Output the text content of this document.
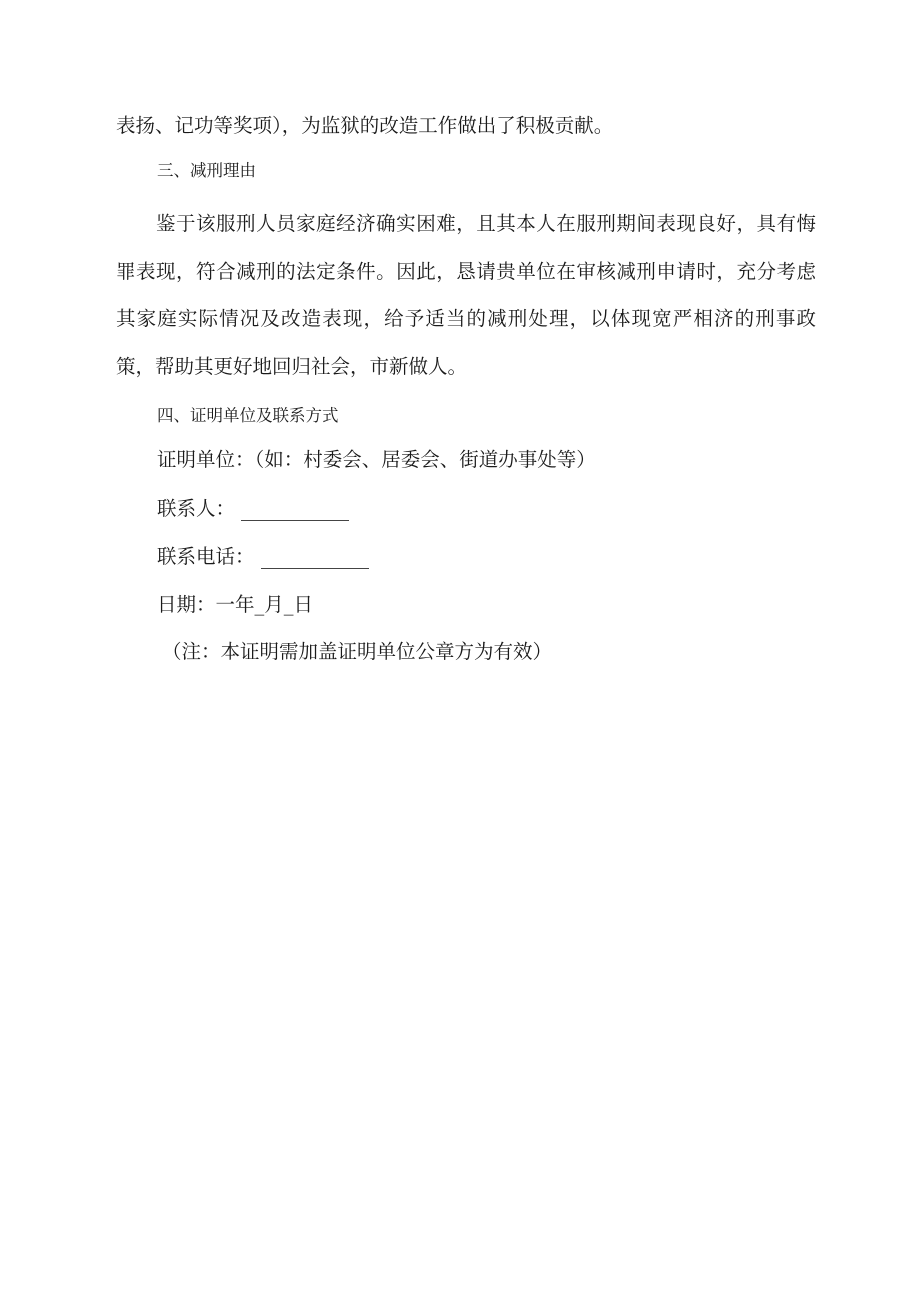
表扬、记功等奖项），为监狱的改造工作做出了积极贡献。
三、减刑理由
鉴于该服刑人员家庭经济确实困难，且其本人在服刑期间表现良好，具有悔罪表现，符合减刑的法定条件。因此，恳请贵单位在审核减刑申请时，充分考虑其家庭实际情况及改造表现，给予适当的减刑处理，以体现宽严相济的刑事政策，帮助其更好地回归社会，市新做人。
四、证明单位及联系方式
证明单位：（如：村委会、居委会、街道办事处等）
联系人：
联系电话：
日期：一年_月_日
（注：本证明需加盖证明单位公章方为有效）
